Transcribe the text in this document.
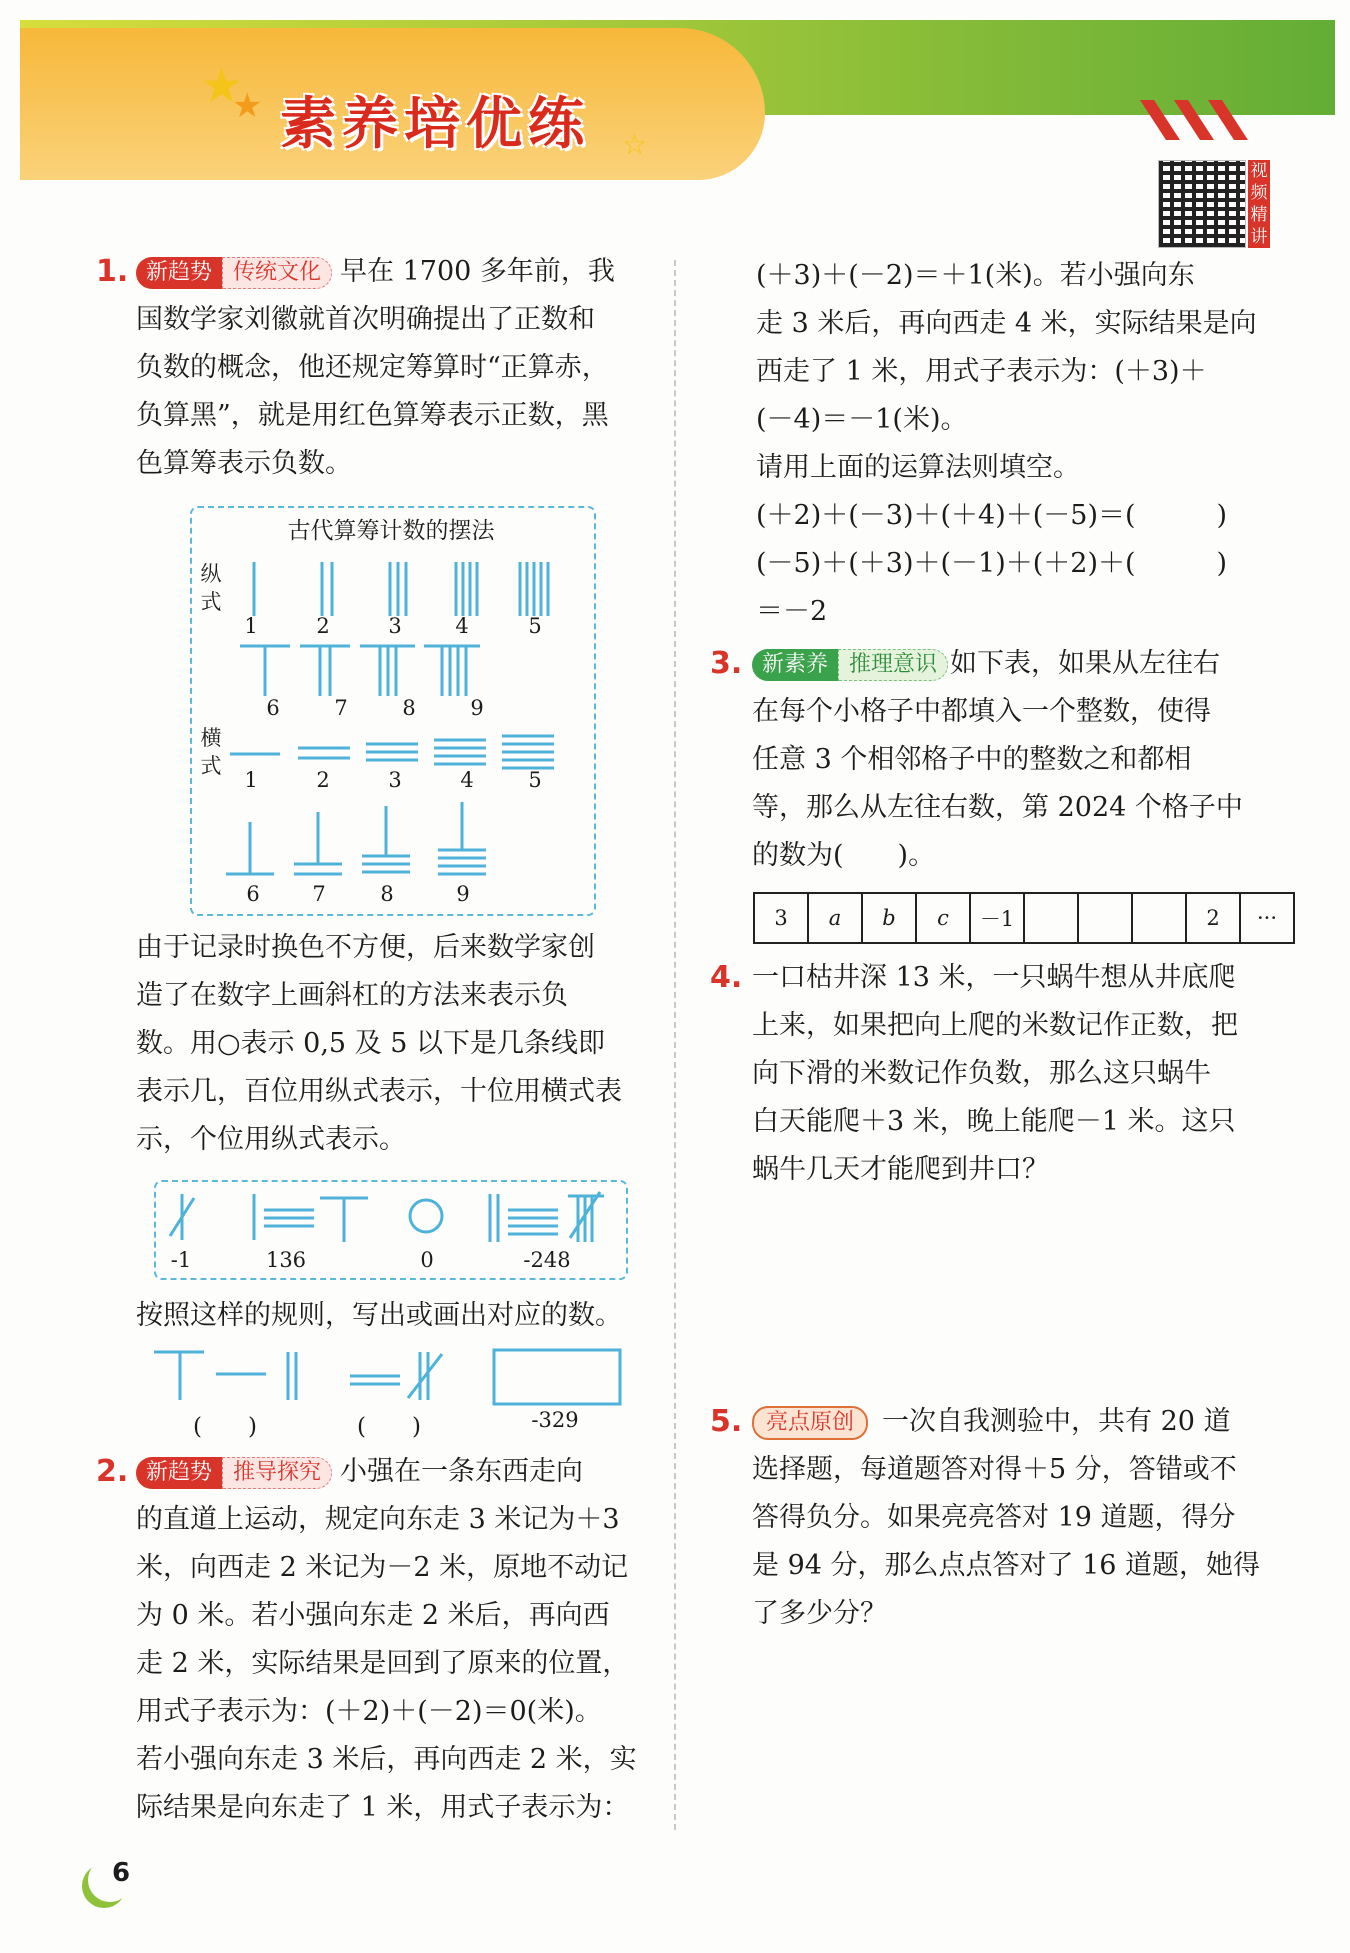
★
★
☆
素养培优练
视
频
精
讲
1. 新趋势 传统文化 早在 1700 多年前，我

国数学家刘徽就首次明确提出了正数和

负数的概念，他还规定筹算时“正算赤，

负算黑”，就是用红色算筹表示正数，黑

色算筹表示负数。

古代算筹计数的摆法
纵
式
横
式
1	2	3	4	5
6	7	8	9
1	2	3	4	5
6	7	8	9

由于记录时换色不方便，后来数学家创

造了在数字上画斜杠的方法来表示负

数。用○表示 0,5 及 5 以下是几条线即

表示几，百位用纵式表示，十位用横式表

示，个位用纵式表示。

-1	136	0	-248

按照这样的规则，写出或画出对应的数。

(　　)	(　　)	-329
2. 新趋势 推导探究 小强在一条东西走向

的直道上运动，规定向东走 3 米记为＋3

米，向西走 2 米记为－2 米，原地不动记

为 0 米。若小强向东走 2 米后，再向西

走 2 米，实际结果是回到了原来的位置，

用式子表示为：(＋2)＋(－2)＝0(米)。

若小强向东走 3 米后，再向西走 2 米，实

际结果是向东走了 1 米，用式子表示为：

(＋3)＋(－2)＝＋1(米)。若小强向东

走 3 米后，再向西走 4 米，实际结果是向

西走了 1 米，用式子表示为：(＋3)＋

(－4)＝－1(米)。

请用上面的运算法则填空。

(＋2)＋(－3)＋(＋4)＋(－5)＝(　　　)

(－5)＋(＋3)＋(－1)＋(＋2)＋(　　　)

＝－2

3. 新素养 推理意识 如下表，如果从左往右

在每个小格子中都填入一个整数，使得

任意 3 个相邻格子中的整数之和都相

等，那么从左往右数，第 2024 个格子中

的数为(　　)。

3	a	b	c	－1				2	···
4. 一口枯井深 13 米，一只蜗牛想从井底爬

上来，如果把向上爬的米数记作正数，把

向下滑的米数记作负数，那么这只蜗牛

白天能爬＋3 米，晚上能爬－1 米。这只

蜗牛几天才能爬到井口？

5.	亮点原创 一次自我测验中，共有 20 道

选择题，每道题答对得＋5 分，答错或不

答得负分。如果亮亮答对 19 道题，得分

是 94 分，那么点点答对了 16 道题，她得

了多少分？

6
